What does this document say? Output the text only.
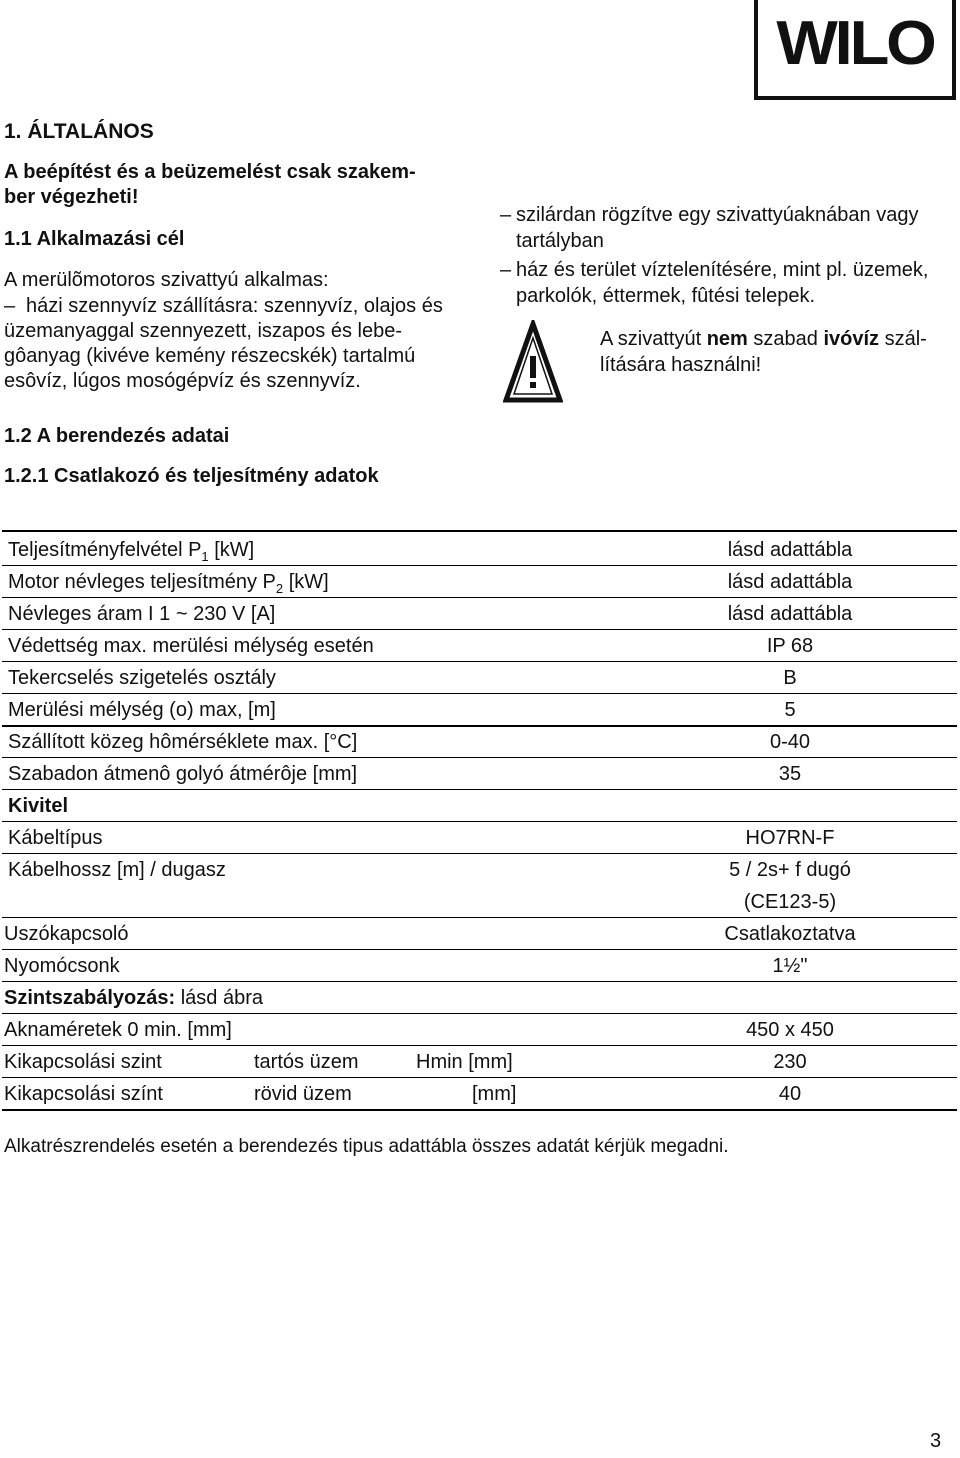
WILO
1. ÁLTALÁNOS
A beépítést és a beüzemelést csak szakem-
ber végezheti!
1.1 Alkalmazási cél
A merülõmotoros szivattyú alkalmas:
– házi szennyvíz szállításra: szennyvíz, olajos és
üzemanyaggal szennyezett, iszapos és lebe-
gôanyag (kivéve kemény részecskék) tartalmú
esôvíz, lúgos mosógépvíz és szennyvíz.
– szilárdan rögzítve egy szivattyúaknában vagy
tartályban
– ház és terület víztelenítésére, mint pl. üzemek,
parkolók, éttermek, fûtési telepek.
A szivattyút nem szabad ivóvíz szál-
lítására használni!
1.2 A berendezés adatai
1.2.1 Csatlakozó és teljesítmény adatok
Teljesítményfelvétel $P_1$ [kW]	lásd adattábla
Motor névleges teljesítmény $P_2$ [kW]	lásd adattábla
Névleges áram I 1 ~ 230 V [A]	lásd adattábla
Védettség max. merülési mélység esetén	IP 68
Tekercselés szigetelés osztály	B
Merülési mélység (o) max, [m]	5
Szállított közeg hômérséklete max. [°C]	0-40
Szabadon átmenô golyó átmérôje [mm]	35
Kivitel
Kábeltípus	HO7RN-F
Kábelhossz [m] / dugasz	5 / 2s+ f dugó
(CE123-5)
Uszókapcsoló	Csatlakoztatva
Nyomócsonk	1½"
Szintszabályozás: lásd ábra
Aknaméretek 0 min. [mm]	450 x 450
Kikapcsolási szint	tartós üzem	Hmin [mm]	230
Kikapcsolási színt	rövid üzem	[mm]	40
Alkatrészrendelés esetén a berendezés tipus adattábla összes adatát kérjük megadni.
3
